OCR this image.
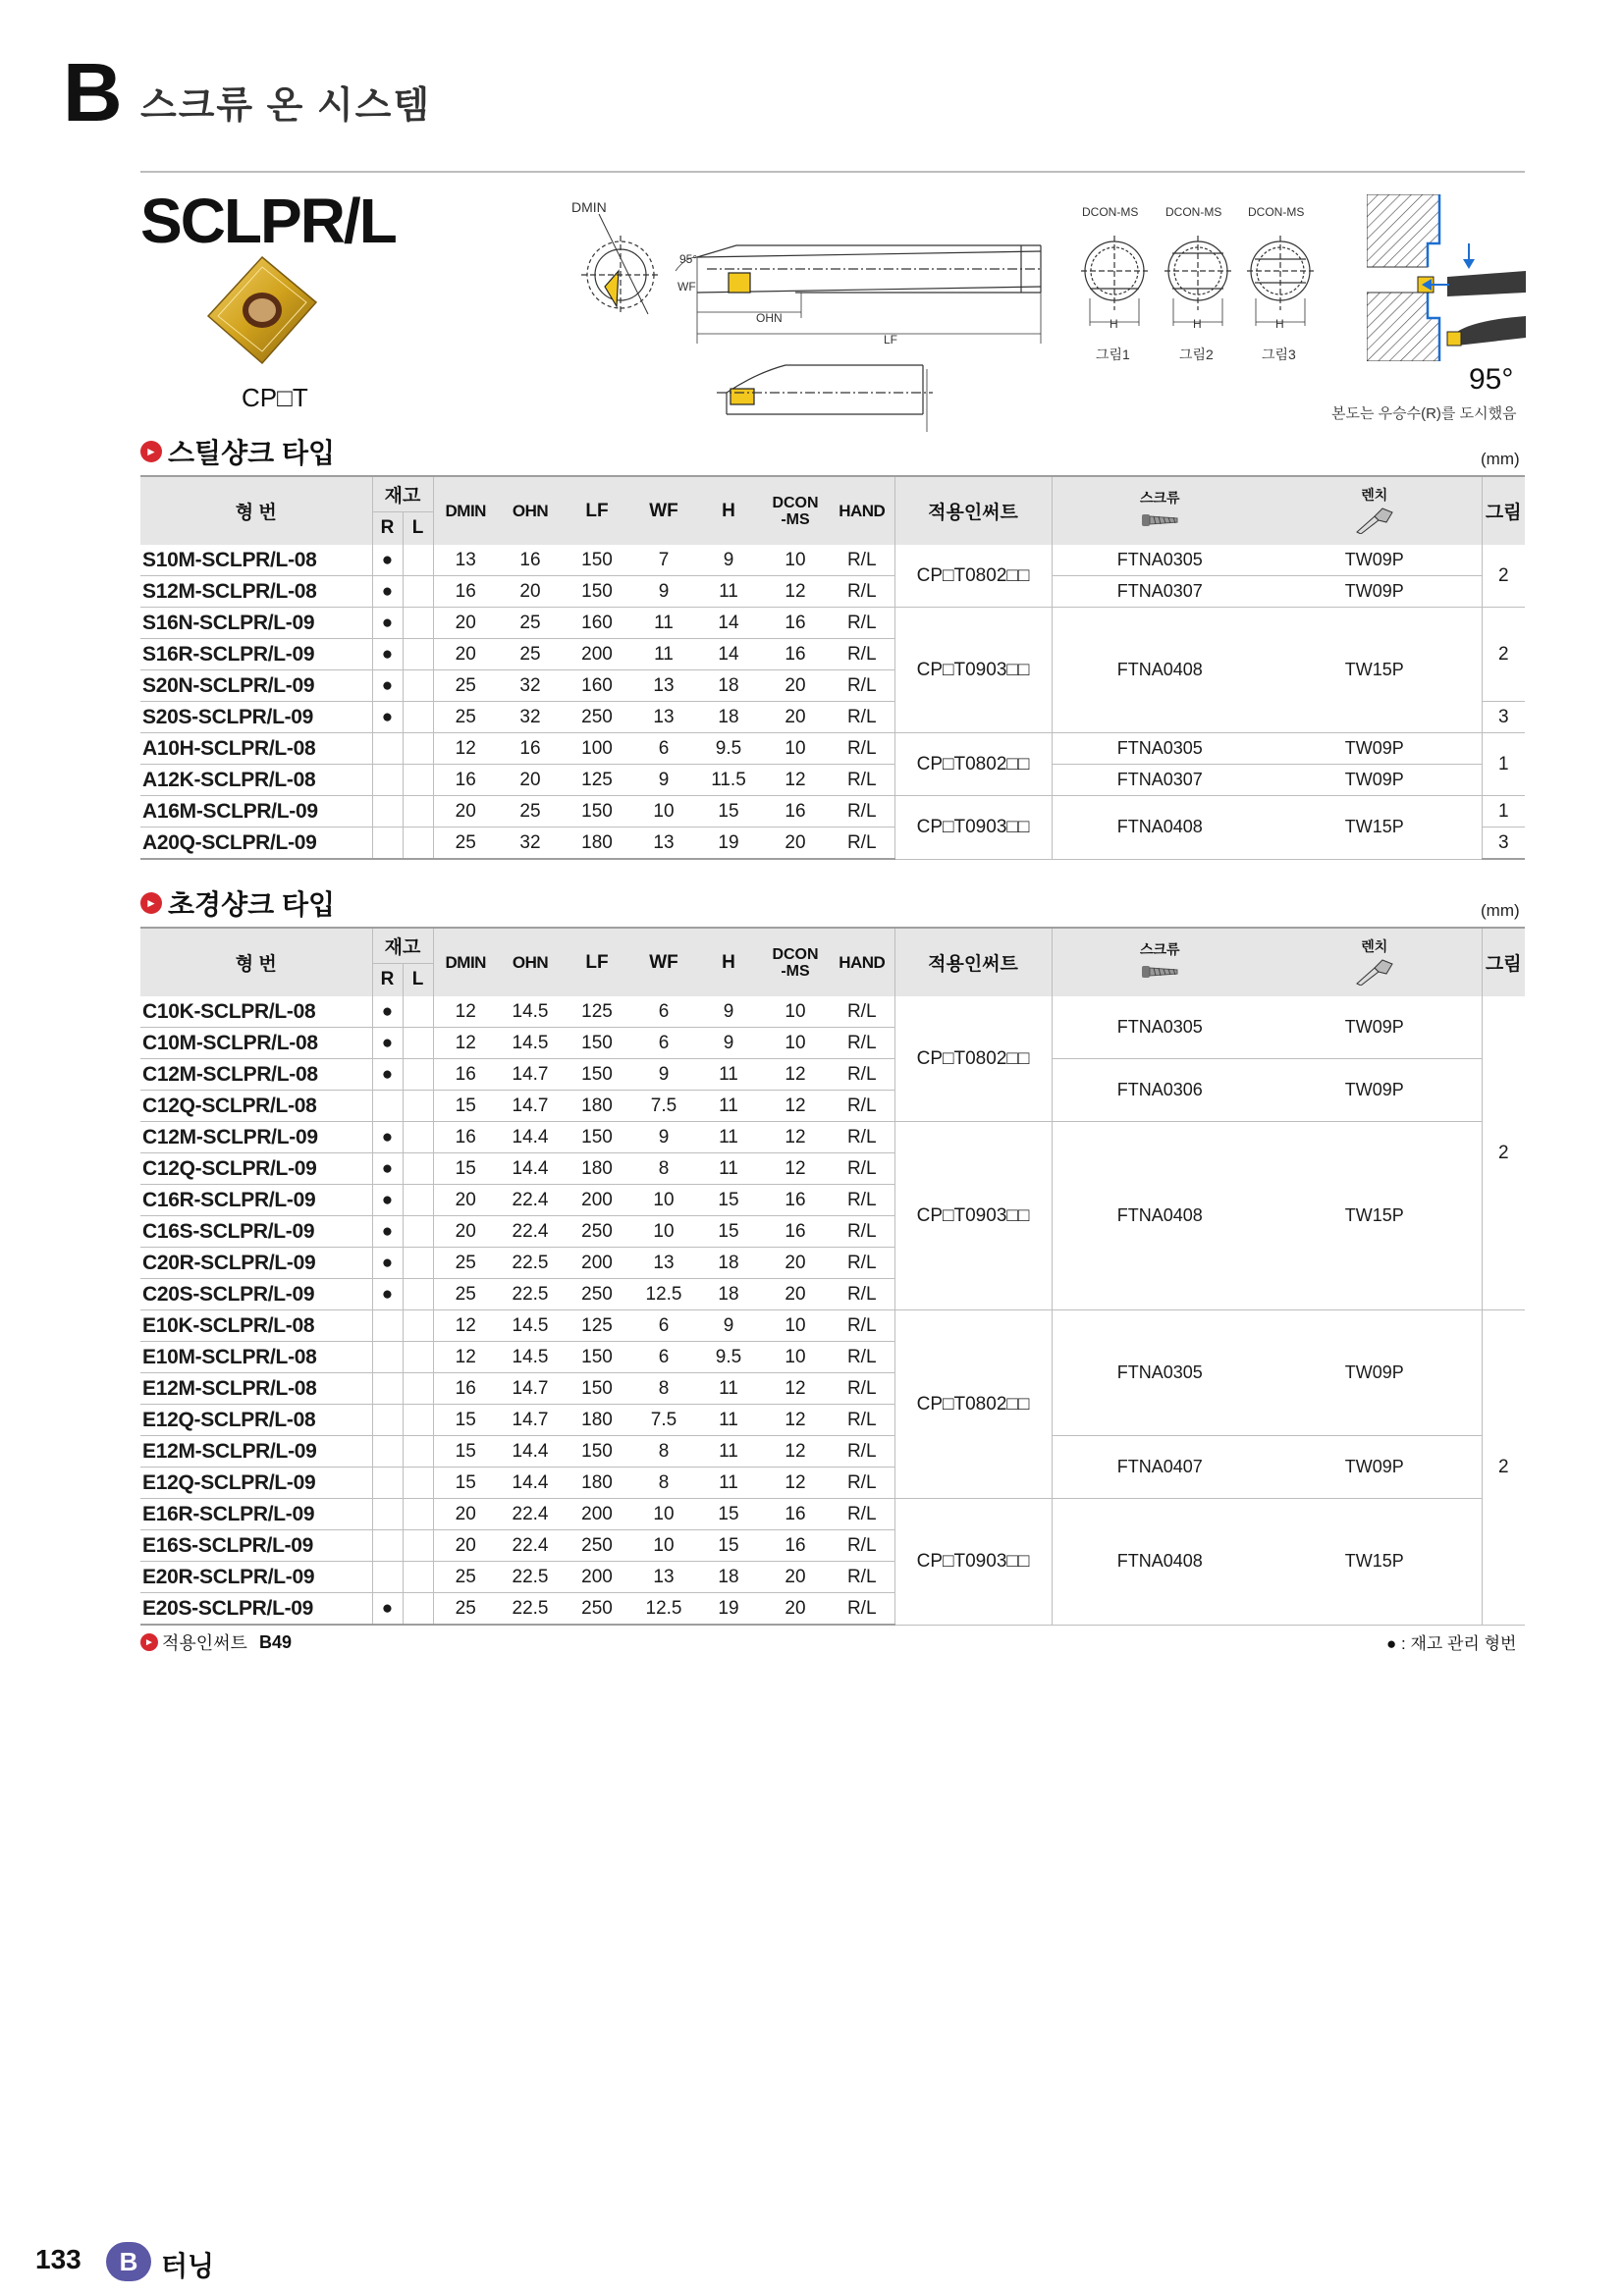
B 스크류 온 시스템
SCLPR/L
CP□T
DMIN
95°
WF
OHN
LF
DCON-MS DCON-MS DCON-MS
H	H	H
그림1	그림2	그림3
95°
본도는 우승수(R)를 도시했음
► 스틸샹크 타입	(mm)
형 번	재고		DMIN	OHN	LF	WF	H	DCON
-MS	HAND	적용인써트	스크류	렌치	그림
	R	L											
S10M-SCLPR/L-08	●		13	16	150	7	9	10	R/L	CP□T0802□□	FTNA0305	TW09P	2
S12M-SCLPR/L-08	●		16	20	150	9	11	12	R/L		FTNA0307	TW09P	
S16N-SCLPR/L-09	●		20	25	160	11	14	16	R/L	CP□T0903□□	FTNA0408	TW15P	2
S16R-SCLPR/L-09	●		20	25	200	11	14	16	R/L				
S20N-SCLPR/L-09	●		25	32	160	13	18	20	R/L				
S20S-SCLPR/L-09	●		25	32	250	13	18	20	R/L				3
A10H-SCLPR/L-08			12	16	100	6	9.5	10	R/L	CP□T0802□□	FTNA0305	TW09P	1
A12K-SCLPR/L-08			16	20	125	9	11.5	12	R/L		FTNA0307	TW09P	
A16M-SCLPR/L-09			20	25	150	10	15	16	R/L	CP□T0903□□	FTNA0408	TW15P	1
A20Q-SCLPR/L-09			25	32	180	13	19	20	R/L				3
► 초경샹크 타입	(mm)
형 번	재고		DMIN	OHN	LF	WF	H	DCON
-MS	HAND	적용인써트	스크류	렌치	그림
	R	L											
C10K-SCLPR/L-08	●		12	14.5	125	6	9	10	R/L	CP□T0802□□	FTNA0305	TW09P	2
C10M-SCLPR/L-08	●		12	14.5	150	6	9	10	R/L				
C12M-SCLPR/L-08	●		16	14.7	150	9	11	12	R/L		FTNA0306	TW09P	
C12Q-SCLPR/L-08			15	14.7	180	7.5	11	12	R/L				
C12M-SCLPR/L-09	●		16	14.4	150	9	11	12	R/L	CP□T0903□□	FTNA0408	TW15P	
C12Q-SCLPR/L-09	●		15	14.4	180	8	11	12	R/L				
C16R-SCLPR/L-09	●		20	22.4	200	10	15	16	R/L				
C16S-SCLPR/L-09	●		20	22.4	250	10	15	16	R/L				
C20R-SCLPR/L-09	●		25	22.5	200	13	18	20	R/L				
C20S-SCLPR/L-09	●		25	22.5	250	12.5	18	20	R/L				
E10K-SCLPR/L-08			12	14.5	125	6	9	10	R/L	CP□T0802□□	FTNA0305	TW09P	2
E10M-SCLPR/L-08			12	14.5	150	6	9.5	10	R/L				
E12M-SCLPR/L-08			16	14.7	150	8	11	12	R/L				
E12Q-SCLPR/L-08			15	14.7	180	7.5	11	12	R/L				
E12M-SCLPR/L-09			15	14.4	150	8	11	12	R/L		FTNA0407	TW09P	
E12Q-SCLPR/L-09			15	14.4	180	8	11	12	R/L				
E16R-SCLPR/L-09			20	22.4	200	10	15	16	R/L	CP□T0903□□	FTNA0408	TW15P	
E16S-SCLPR/L-09			20	22.4	250	10	15	16	R/L				
E20R-SCLPR/L-09			25	22.5	200	13	18	20	R/L				
E20S-SCLPR/L-09	●		25	22.5	250	12.5	19	20	R/L				
► 적용인써트 B49	● : 재고 관리 형번
133	B 터닝
